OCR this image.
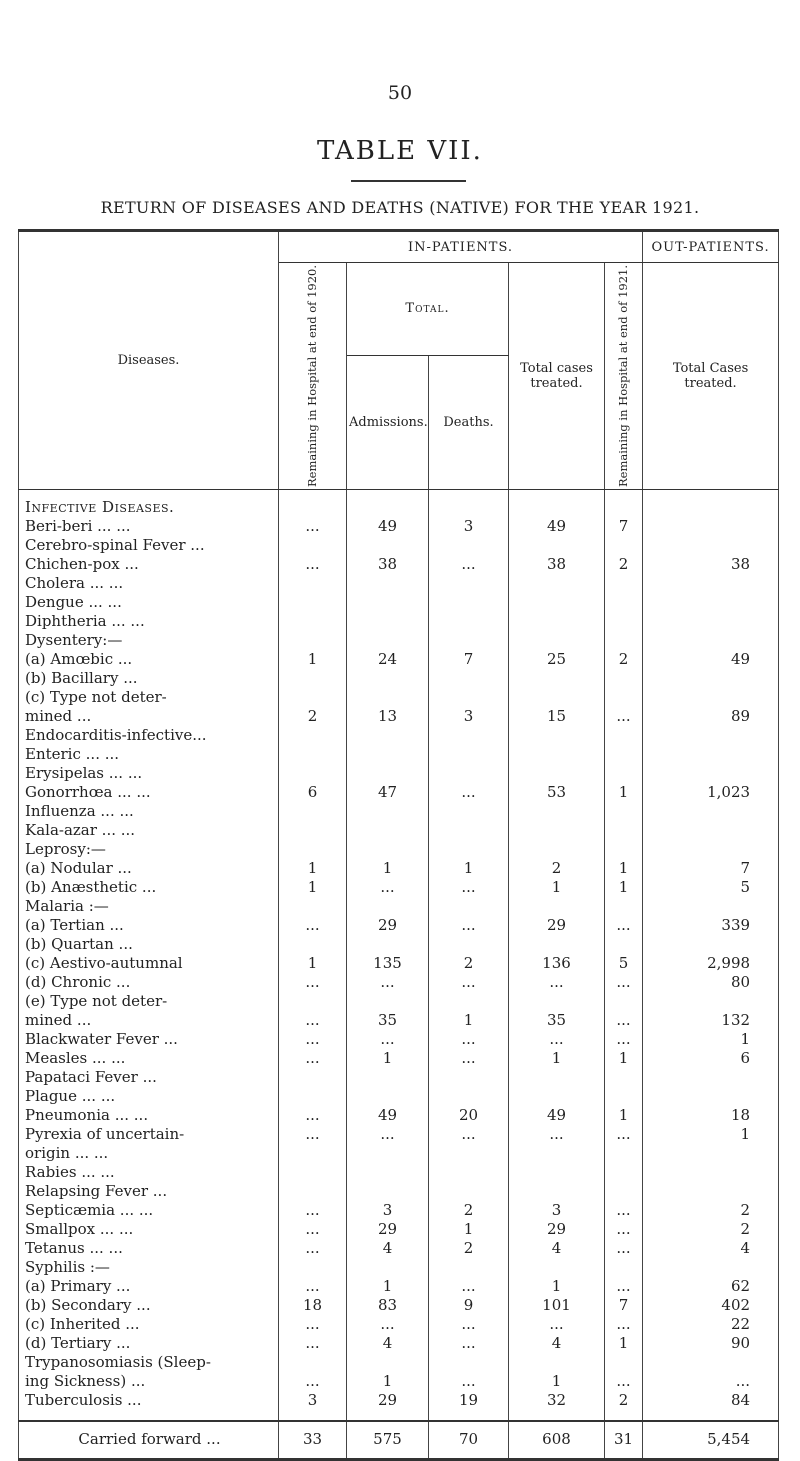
50
TABLE VII.
RETURN OF DISEASES AND DEATHS (NATIVE) FOR THE YEAR 1921.
Diseases.	IN-PATIENTS.					OUT-PATIENTS.

	Remaining in Hospital at end of 1920.	Total.		Total cases treated.	Remaining in Hospital at end of 1921.	Total Cases treated.
		Admissions.	Deaths.			
Infective Diseases.						
Beri-beri ... ...	...	49	3	49	7	
Cerebro-spinal Fever ...						
Chichen-pox ...	...	38	...	38	2	38
Cholera ... ...						
Dengue ... ...						
Diphtheria ... ...						
Dysentery:—						
(a) Amœbic ...	1	24	7	25	2	49
(b) Bacillary ...						
(c) Type not deter-						
mined ...	2	13	3	15	...	89
Endocarditis-infective...						
Enteric ... ...						
Erysipelas ... ...						
Gonorrhœa ... ...	6	47	...	53	1	1,023
Influenza ... ...						
Kala-azar ... ...						
Leprosy:—						
(a) Nodular ...	1	1	1	2	1	7
(b) Anæsthetic ...	1	...	...	1	1	5
Malaria :—						
(a) Tertian ...	...	29	...	29	...	339
(b) Quartan ...						
(c) Aestivo-autumnal	1	135	2	136	5	2,998
(d) Chronic ...	...	...	...	...	...	80
(e) Type not deter-						
mined ...	...	35	1	35	...	132
Blackwater Fever ...	...	...	...	...	...	1
Measles ... ...	...	1	...	1	1	6
Papataci Fever ...						
Plague ... ...						
Pneumonia ... ...	...	49	20	49	1	18
Pyrexia of uncertain-	...	...	...	...	...	1
origin ... ...						
Rabies ... ...						
Relapsing Fever ...						
Septicæmia ... ...	...	3	2	3	...	2
Smallpox ... ...	...	29	1	29	...	2
Tetanus ... ...	...	4	2	4	...	4
Syphilis :—						
(a) Primary ...	...	1	...	1	...	62
(b) Secondary ...	18	83	9	101	7	402
(c) Inherited ...	...	...	...	...	...	22
(d) Tertiary ...	...	4	...	4	1	90
Trypanosomiasis (Sleep-						
ing Sickness) ...	...	1	...	1	...	...
Tuberculosis ...	3	29	19	32	2	84

Carried forward ...	33	575	70	608	31	5,454
